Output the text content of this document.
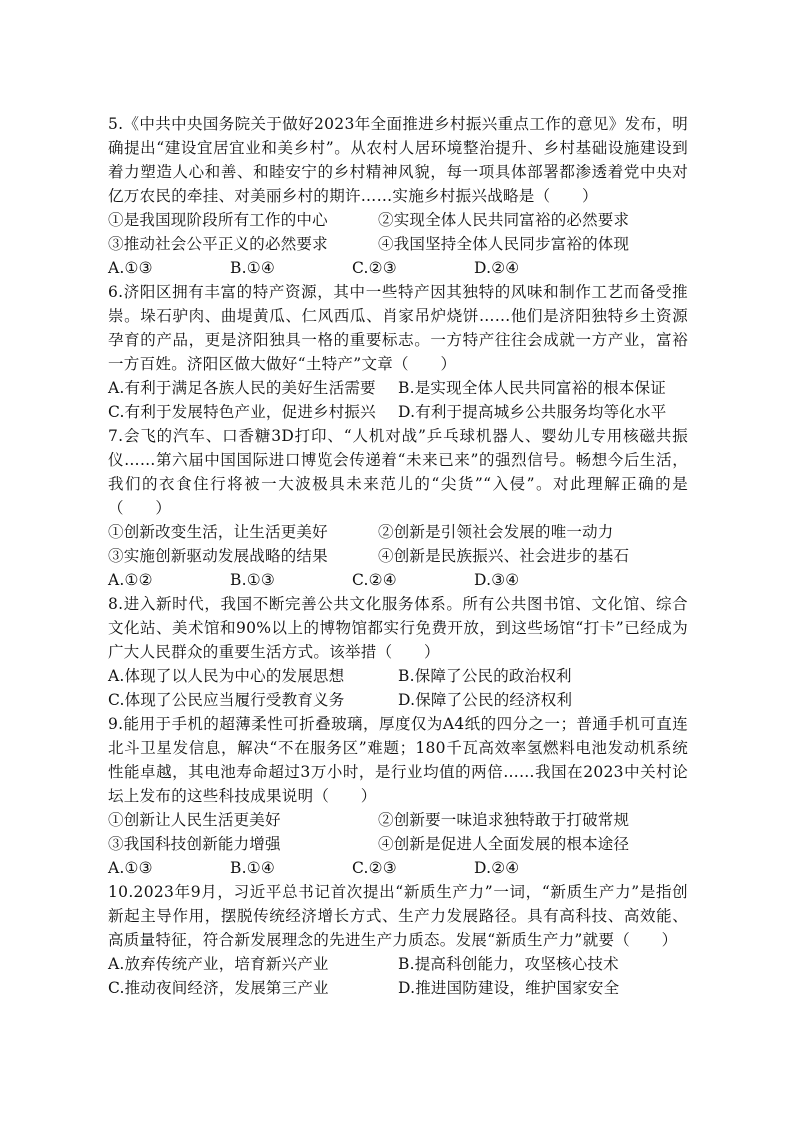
5.《中共中央国务院关于做好2023年全面推进乡村振兴重点工作的意见》发布，明确提出“建设宜居宜业和美乡村”。从农村人居环境整治提升、乡村基础设施建设到着力塑造人心和善、和睦安宁的乡村精神风貌，每一项具体部署都渗透着党中央对亿万农民的牵挂、对美丽乡村的期许……实施乡村振兴战略是（　　）

①是我国现阶段所有工作的中心	②实现全体人民共同富裕的必然要求
③推动社会公平正义的必然要求	④我国坚持全体人民同步富裕的体现
A.①③	B.①④	C.②③	D.②④

6.济阳区拥有丰富的特产资源，其中一些特产因其独特的风味和制作工艺而备受推崇。垛石驴肉、曲堤黄瓜、仁风西瓜、肖家吊炉烧饼……他们是济阳独特乡土资源孕育的产品，更是济阳独具一格的重要标志。一方特产往往会成就一方产业，富裕一方百姓。济阳区做大做好“土特产”文章（　　）

A.有利于满足各族人民的美好生活需要	B.是实现全体人民共同富裕的根本保证
C.有利于发展特色产业，促进乡村振兴	D.有利于提高城乡公共服务均等化水平

7.会飞的汽车、口香糖3D打印、“人机对战”乒乓球机器人、婴幼儿专用核磁共振仪……第六届中国国际进口博览会传递着“未来已来”的强烈信号。畅想今后生活，我们的衣食住行将被一大波极具未来范儿的“尖货”“入侵”。对此理解正确的是（　　）

①创新改变生活，让生活更美好	②创新是引领社会发展的唯一动力
③实施创新驱动发展战略的结果	④创新是民族振兴、社会进步的基石
A.①②	B.①③	C.②④	D.③④

8.进入新时代，我国不断完善公共文化服务体系。所有公共图书馆、文化馆、综合文化站、美术馆和90%以上的博物馆都实行免费开放，到这些场馆“打卡”已经成为广大人民群众的重要生活方式。该举措（　　）

A.体现了以人民为中心的发展思想	B.保障了公民的政治权利
C.体现了公民应当履行受教育义务	D.保障了公民的经济权利

9.能用于手机的超薄柔性可折叠玻璃，厚度仅为A4纸的四分之一；普通手机可直连北斗卫星发信息，解决“不在服务区”难题；180千瓦高效率氢燃料电池发动机系统性能卓越，其电池寿命超过3万小时，是行业均值的两倍……我国在2023中关村论坛上发布的这些科技成果说明（　　）

①创新让人民生活更美好	②创新要一味追求独特敢于打破常规
③我国科技创新能力增强	④创新是促进人全面发展的根本途径
A.①③	B.①④	C.②③	D.②④

10.2023年9月，习近平总书记首次提出“新质生产力”一词，“新质生产力”是指创新起主导作用，摆脱传统经济增长方式、生产力发展路径。具有高科技、高效能、高质量特征，符合新发展理念的先进生产力质态。发展“新质生产力”就要（　　）

A.放弃传统产业，培育新兴产业	B.提高科创能力，攻坚核心技术
C.推动夜间经济，发展第三产业	D.推进国防建设，维护国家安全
